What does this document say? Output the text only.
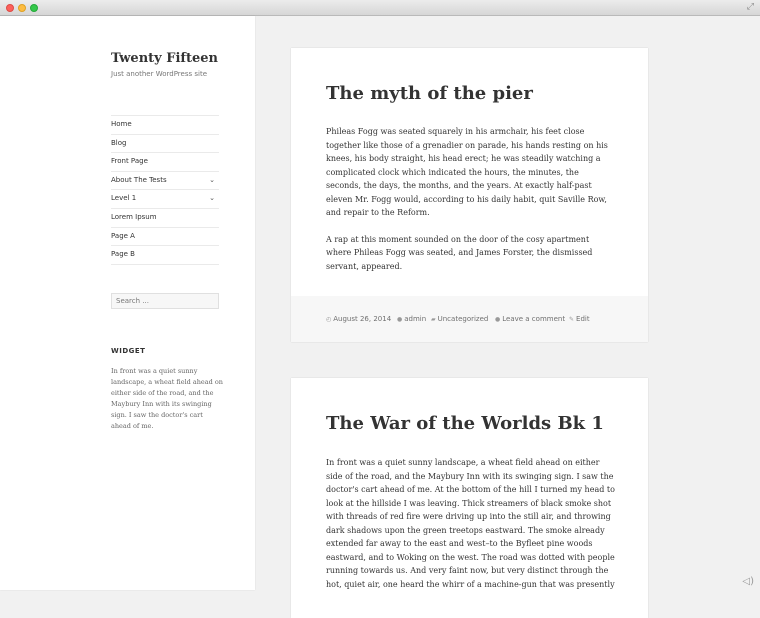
⤢
Twenty Fifteen
Just another WordPress site
Home
Blog
Front Page
About The Tests	⌄
Level 1	⌄
Lorem Ipsum
Page A
Page B
Search ...
WIDGET
In front was a quiet sunny landscape, a wheat field ahead on either side of the road, and the Maybury Inn with its swinging sign. I saw the doctor's cart ahead of me.
The myth of the pier

Phileas Fogg was seated squarely in his armchair, his feet close together like those of a grenadier on parade, his hands resting on his knees, his body straight, his head erect; he was steadily watching a complicated clock which indicated the hours, the minutes, the seconds, the days, the months, and the years. At exactly half-past eleven Mr. Fogg would, according to his daily habit, quit Saville Row, and repair to the Reform.

A rap at this moment sounded on the door of the cosy apartment where Phileas Fogg was seated, and James Forster, the dismissed servant, appeared.

◴ August 26, 2014 ● admin ▰ Uncategorized ● Leave a comment ✎ Edit
The War of the Worlds Bk 1

In front was a quiet sunny landscape, a wheat field ahead on either side of the road, and the Maybury Inn with its swinging sign. I saw the doctor's cart ahead of me. At the bottom of the hill I turned my head to look at the hillside I was leaving. Thick streamers of black smoke shot with threads of red fire were driving up into the still air, and throwing dark shadows upon the green treetops eastward. The smoke already extended far away to the east and west–to the Byfleet pine woods eastward, and to Woking on the west. The road was dotted with people running towards us. And very faint now, but very distinct through the hot, quiet air, one heard the whirr of a machine-gun that was presently	◁)
